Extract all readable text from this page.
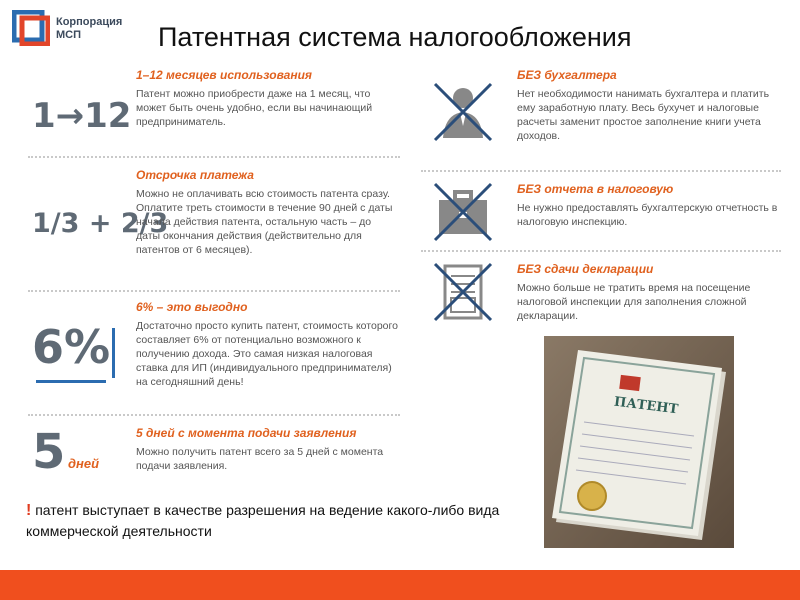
Корпорация
МСП	Патентная система налогообложения
1→12
1–12 месяцев использования
Патент можно приобрести даже на 1 месяц, что может быть очень удобно, если вы начинающий предприниматель.
1/3 + 2/3
Отсрочка платежа
Можно не оплачивать всю стоимость патента сразу. Оплатите треть стоимости в течение 90 дней с даты начала действия патента, остальную часть – до даты окончания действия (действительно для патентов от 6 месяцев).
6%
6% – это выгодно
Достаточно просто купить патент, стоимость которого составляет 6% от потенциально возможного к получению дохода. Это самая низкая налоговая ставка для ИП (индивидуального предпринимателя) на сегодняшний день!
5 дней
5 дней с момента подачи заявления
Можно получить патент всего за 5 дней с момента подачи заявления.
БЕЗ бухгалтера
Нет необходимости нанимать бухгалтера и платить ему заработную плату. Весь бухучет и налоговые расчеты заменит простое заполнение книги учета доходов.
БЕЗ отчета в налоговую
Не нужно предоставлять бухгалтерскую отчетность в налоговую инспекцию.
БЕЗ сдачи декларации
Можно больше не тратить время на посещение налоговой инспекции для заполнения сложной декларации.
! патент выступает в качестве разрешения на ведение какого-либо вида коммерческой деятельности
ПАТЕНТ
